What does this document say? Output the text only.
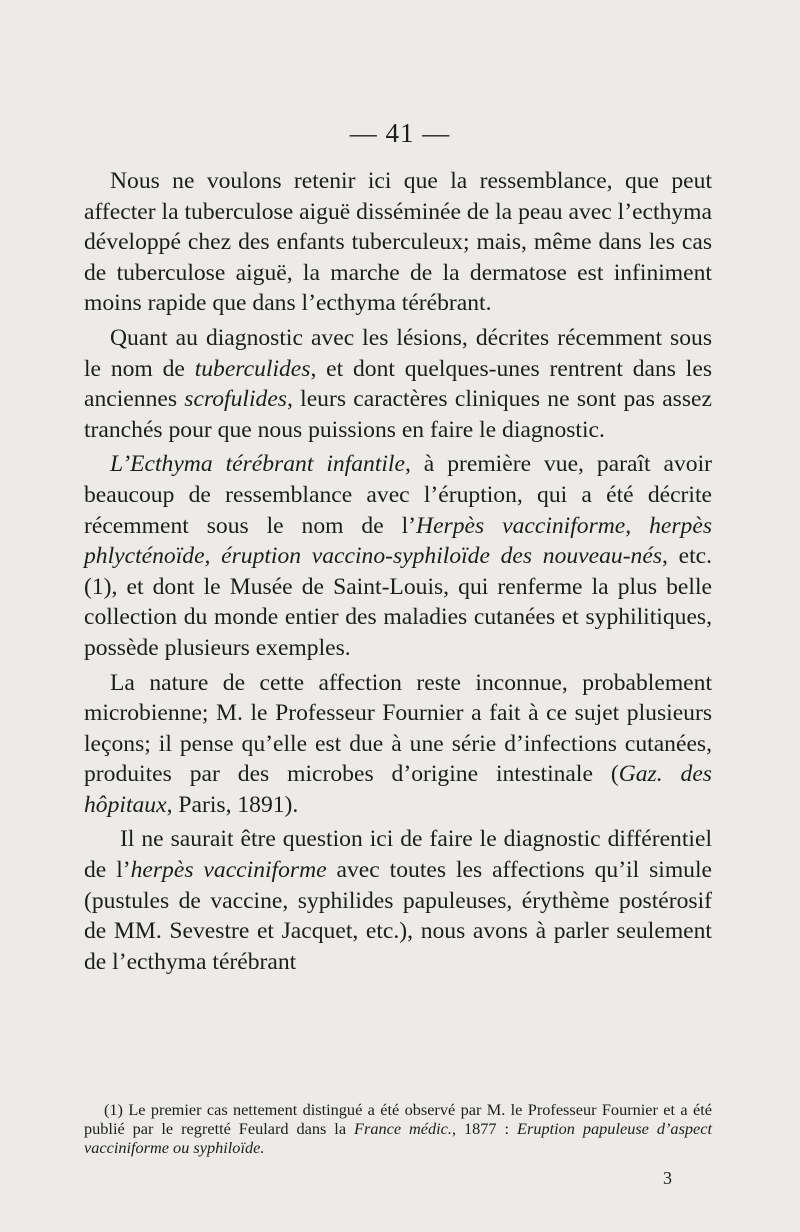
— 41 —

Nous ne voulons retenir ici que la ressemblance, que peut affecter la tuberculose aiguë disséminée de la peau avec l’ecthyma développé chez des enfants tuberculeux; mais, même dans les cas de tuberculose aiguë, la marche de la dermatose est infiniment moins rapide que dans l’ecthyma térébrant.

Quant au diagnostic avec les lésions, décrites récemment sous le nom de tuberculides, et dont quelques-unes rentrent dans les anciennes scrofulides, leurs caractères cliniques ne sont pas assez tranchés pour que nous puissions en faire le diagnostic.

L’Ecthyma térébrant infantile, à première vue, paraît avoir beaucoup de ressemblance avec l’éruption, qui a été décrite récemment sous le nom de l’Herpès vacciniforme, herpès phlycténoïde, éruption vaccino-syphiloïde des nouveau-nés, etc. (1), et dont le Musée de Saint-Louis, qui renferme la plus belle collection du monde entier des maladies cutanées et syphilitiques, possède plusieurs exemples.

La nature de cette affection reste inconnue, probablement microbienne; M. le Professeur Fournier a fait à ce sujet plusieurs leçons; il pense qu’elle est due à une série d’infections cutanées, produites par des microbes d’origine intestinale (Gaz. des hôpitaux, Paris, 1891).

Il ne saurait être question ici de faire le diagnostic différentiel de l’herpès vacciniforme avec toutes les affections qu’il simule (pustules de vaccine, syphilides papuleuses, érythème postérosif de MM. Sevestre et Jacquet, etc.), nous avons à parler seulement de l’ecthyma térébrant

(1) Le premier cas nettement distingué a été observé par M. le Professeur Fournier et a été publié par le regretté Feulard dans la France médic., 1877 : Eruption papuleuse d’aspect vacciniforme ou syphiloïde.

3
